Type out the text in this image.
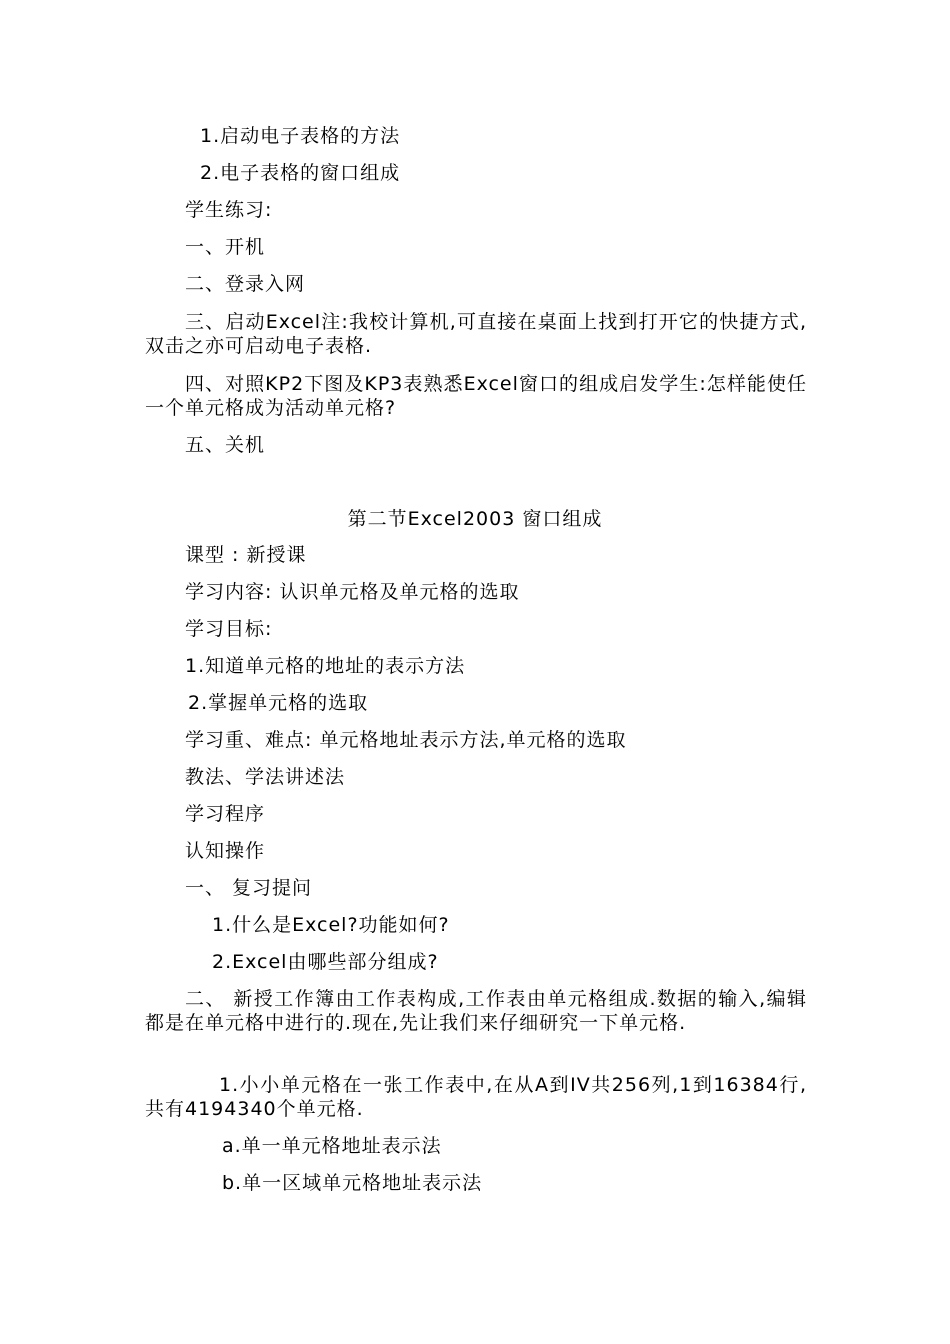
1.启动电子表格的方法
2.电子表格的窗口组成
学生练习:
一、开机
二、登录入网
三、启动Excel注:我校计算机,可直接在桌面上找到打开它的快捷方式,双击之亦可启动电子表格.
四、对照KP2下图及KP3表熟悉Excel窗口的组成启发学生:怎样能使任一个单元格成为活动单元格?
五、关机
第二节Excel2003 窗口组成
课型 : 新授课
学习内容: 认识单元格及单元格的选取
学习目标:
1.知道单元格的地址的表示方法
2.掌握单元格的选取
学习重、难点: 单元格地址表示方法,单元格的选取
教法、学法讲述法
学习程序
认知操作
一、 复习提问
1.什么是Excel?功能如何?
2.Excel由哪些部分组成?
二、 新授工作簿由工作表构成,工作表由单元格组成.数据的输入,编辑都是在单元格中进行的.现在,先让我们来仔细研究一下单元格.
1.小小单元格在一张工作表中,在从A到IV共256列,1到16384行,共有4194340个单元格.
a.单一单元格地址表示法
b.单一区域单元格地址表示法
